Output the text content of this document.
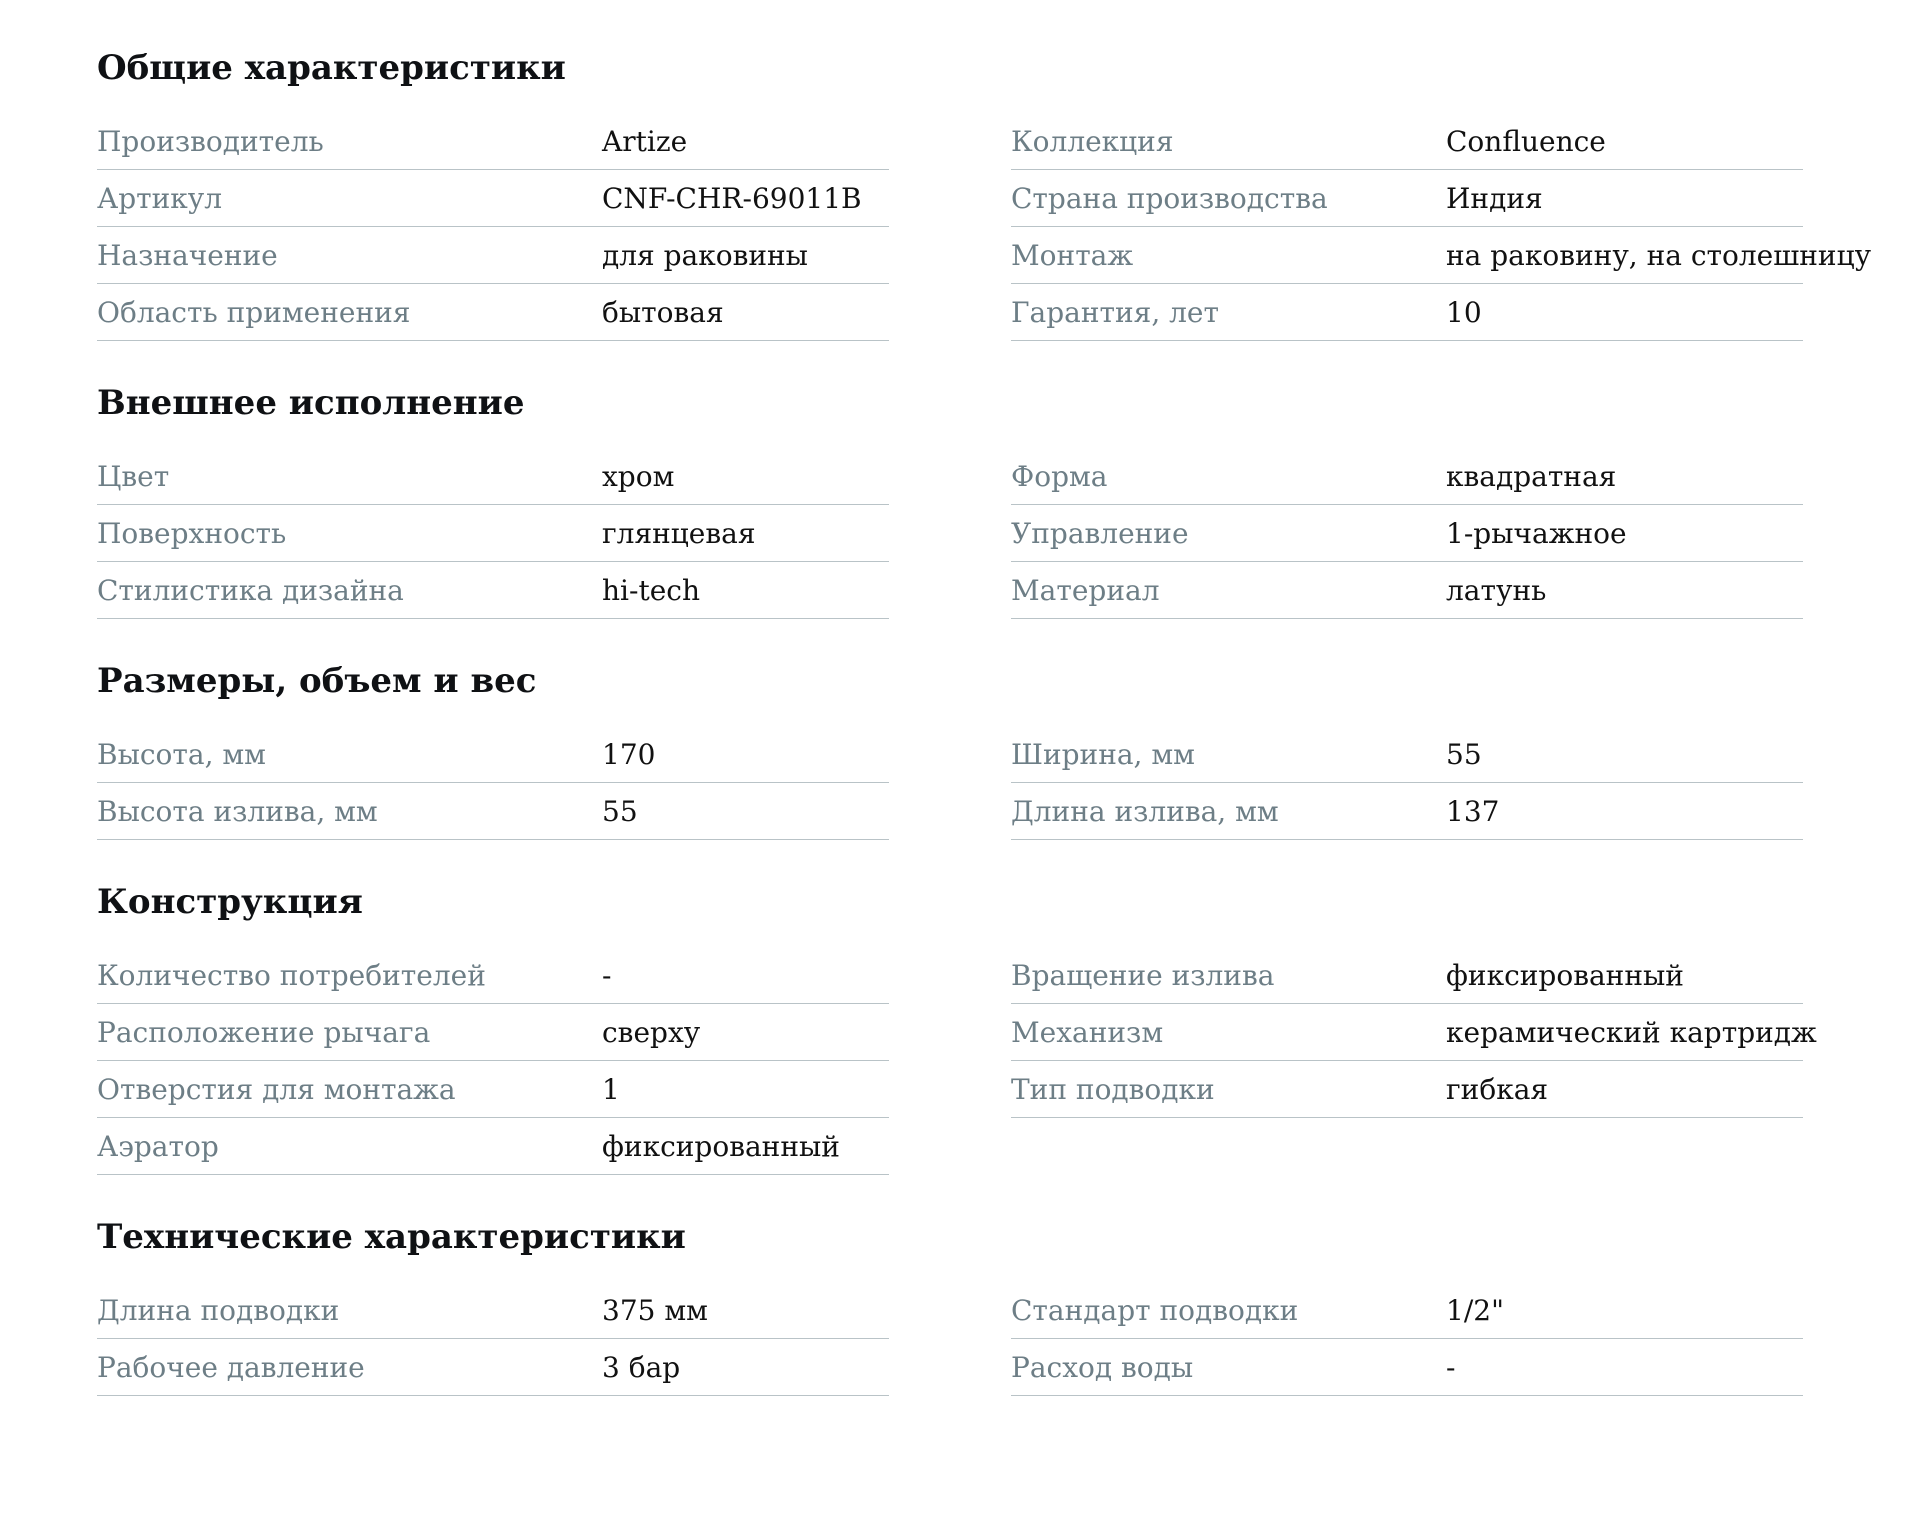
Общие характеристики
Производитель	Artize
Артикул	CNF-CHR-69011B
Назначение	для раковины
Область применения	бытовая
Коллекция	Confluence
Страна производства	Индия
Монтаж	на раковину, на столешницу
Гарантия, лет	10
Внешнее исполнение
Цвет	хром
Поверхность	глянцевая
Стилистика дизайна	hi-tech
Форма	квадратная
Управление	1-рычажное
Материал	латунь
Размеры, объем и вес
Высота, мм	170
Высота излива, мм	55
Ширина, мм	55
Длина излива, мм	137
Конструкция
Количество потребителей	-
Расположение рычага	сверху
Отверстия для монтажа	1
Аэратор	фиксированный
Вращение излива	фиксированный
Механизм	керамический картридж
Тип подводки	гибкая
Технические характеристики
Длина подводки	375 мм
Рабочее давление	3 бар
Стандарт подводки	1/2"
Расход воды	-
